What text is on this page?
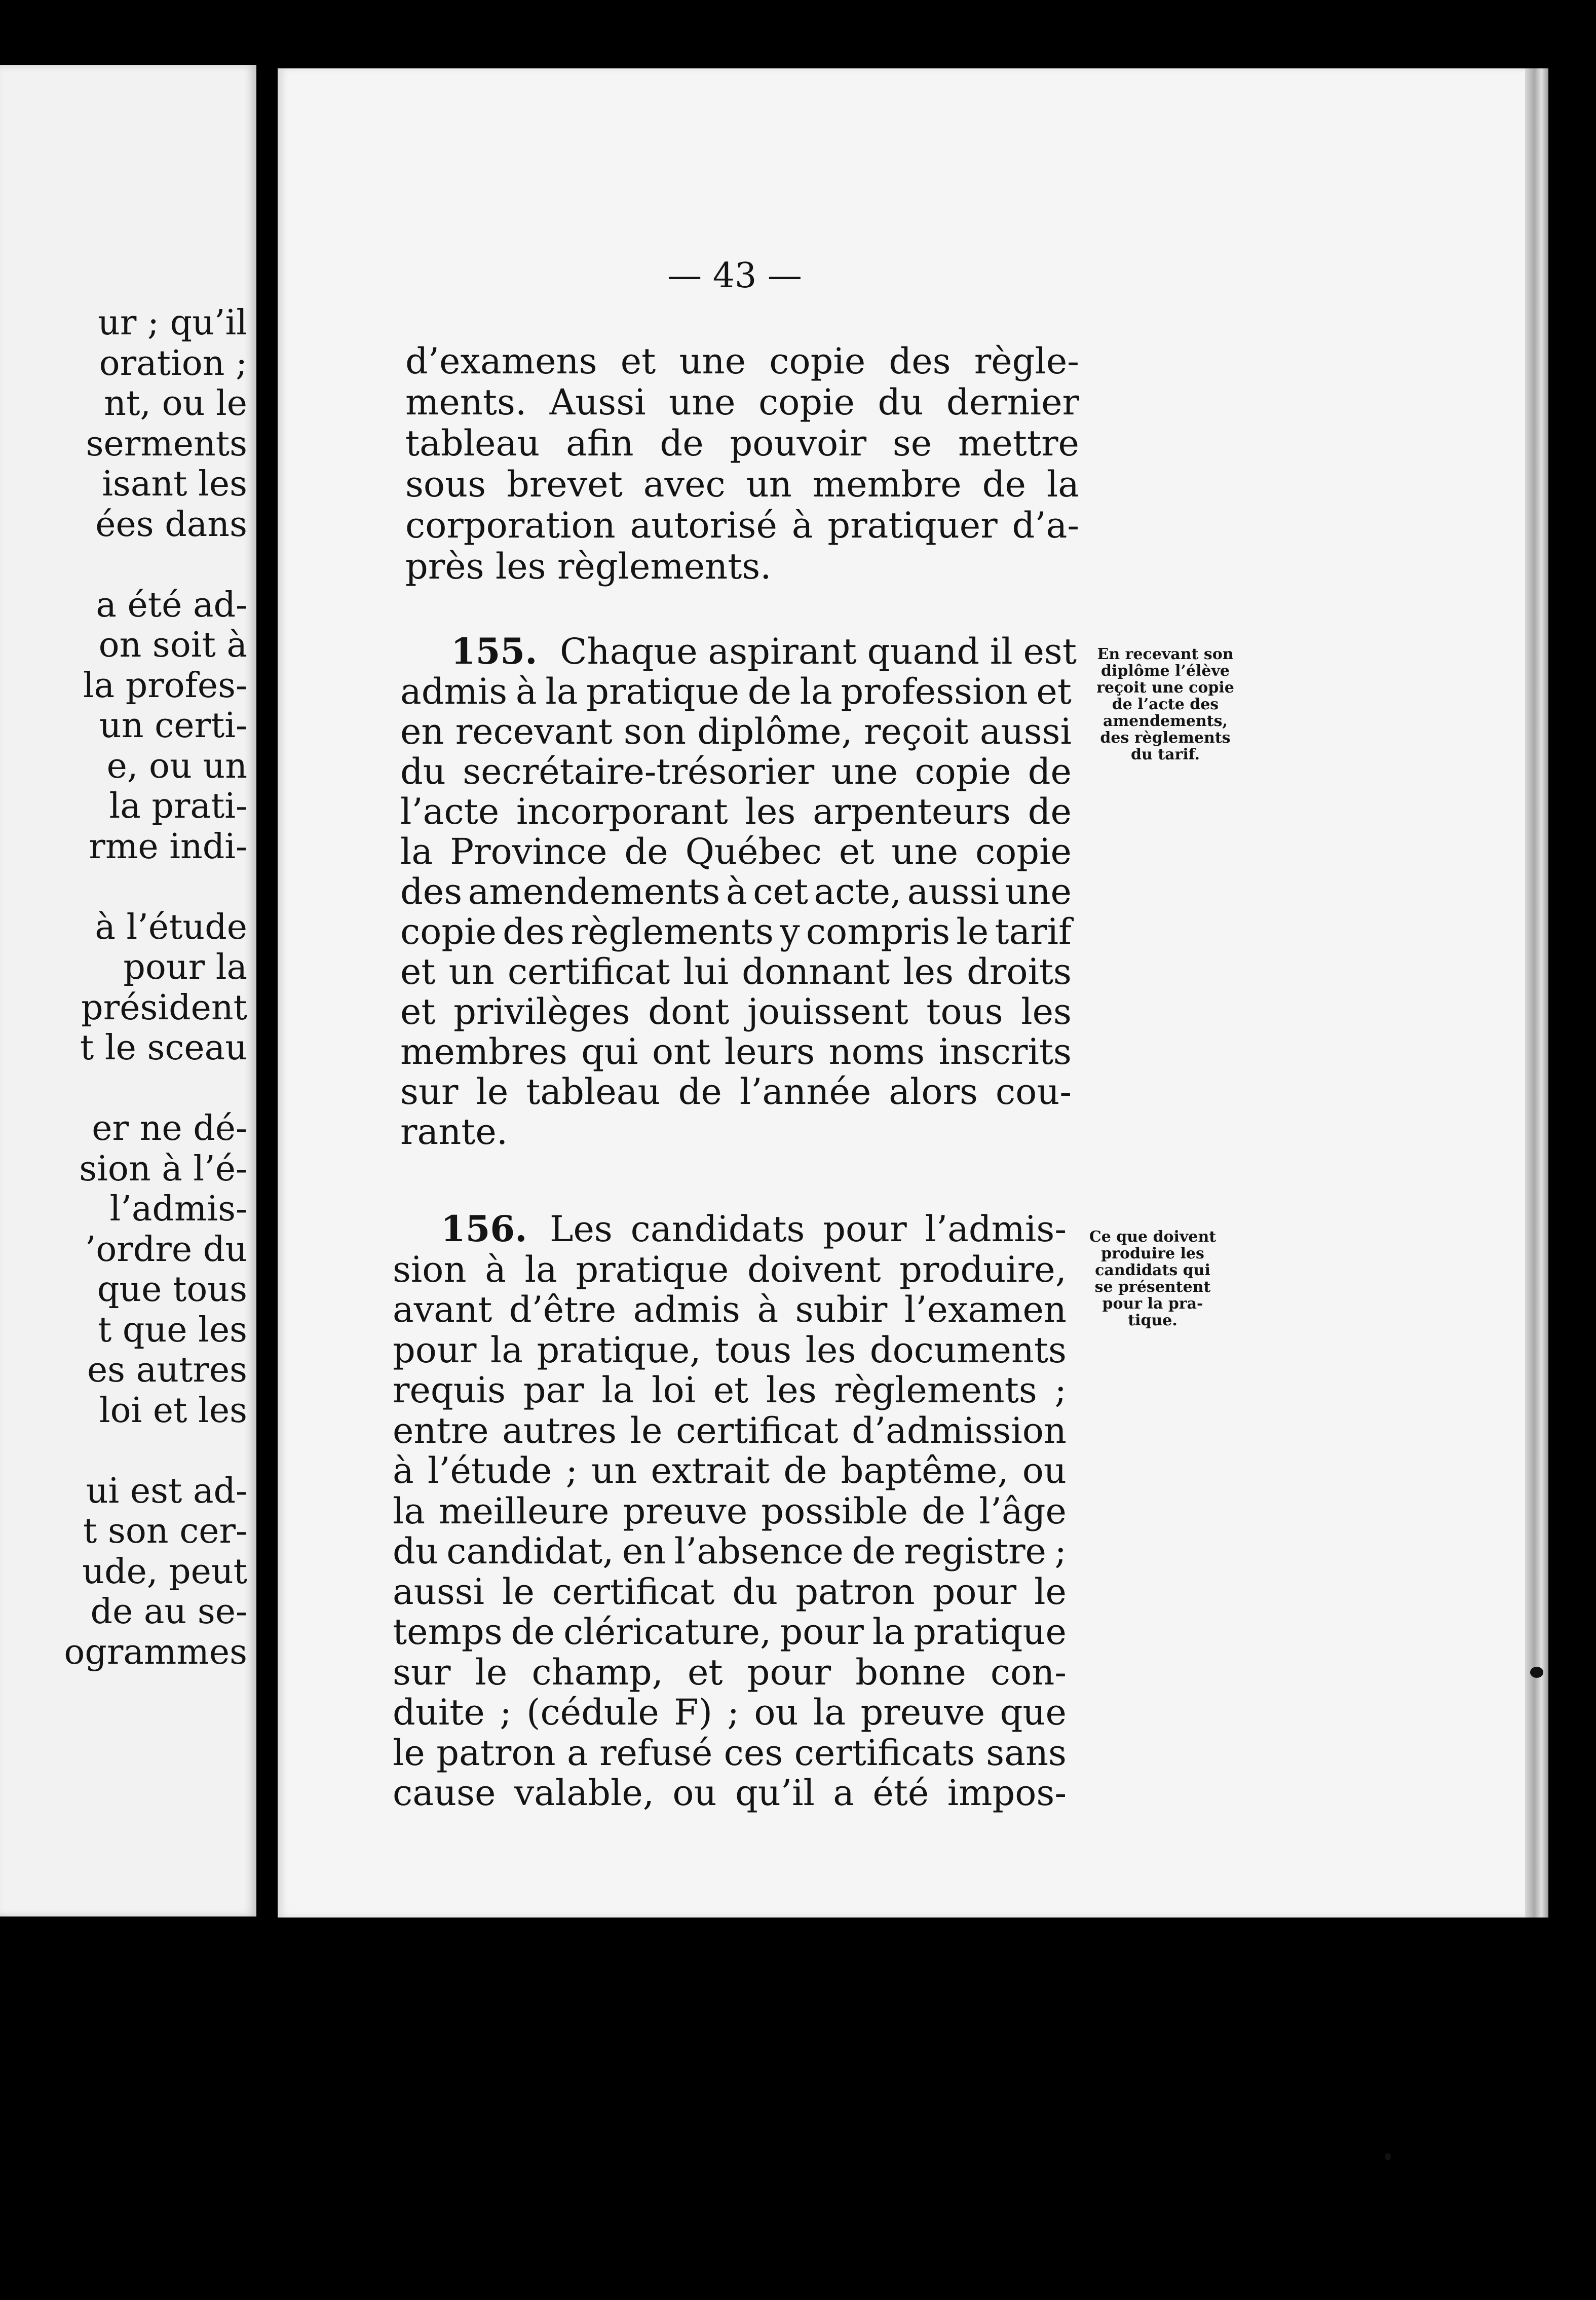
ur ; qu’il
oration ;
nt, ou le
serments
isant les
ées dans
a été ad-
on soit à
la profes-
un certi-
e, ou un
la prati-
rme indi-
à l’étude
pour la
président
t le sceau
er ne dé-
sion à l’é-
l’admis-
’ordre du
que tous
t que les
es autres
loi et les
ui est ad-
t son cer-
ude, peut
de au se-
ogrammes
— 43 —
En recevant son
diplôme l’élève
reçoit une copie
de l’acte des
amendements,
des règlements
du tarif.
Ce que doivent
produire les
candidats qui
se présentent
pour la pra-
tique.
d’examens et une copie des règle-
ments. Aussi une copie du dernier
tableau afin de pouvoir se mettre
sous brevet avec un membre de la
corporation autorisé à pratiquer d’a-
près les règlements.
155. Chaque aspirant quand il est
admis à la pratique de la profession et
en recevant son diplôme, reçoit aussi
du secrétaire-trésorier une copie de
l’acte incorporant les arpenteurs de
la Province de Québec et une copie
des amendements à cet acte, aussi une
copie des règlements y compris le tarif
et un certificat lui donnant les droits
et privilèges dont jouissent tous les
membres qui ont leurs noms inscrits
sur le tableau de l’année alors cou-
rante.
156. Les candidats pour l’admis-
sion à la pratique doivent produire,
avant d’être admis à subir l’examen
pour la pratique, tous les documents
requis par la loi et les règlements ;
entre autres le certificat d’admission
à l’étude ; un extrait de baptême, ou
la meilleure preuve possible de l’âge
du candidat, en l’absence de registre ;
aussi le certificat du patron pour le
temps de cléricature, pour la pratique
sur le champ, et pour bonne con-
duite ; (cédule F) ; ou la preuve que
le patron a refusé ces certificats sans
cause valable, ou qu’il a été impos-
